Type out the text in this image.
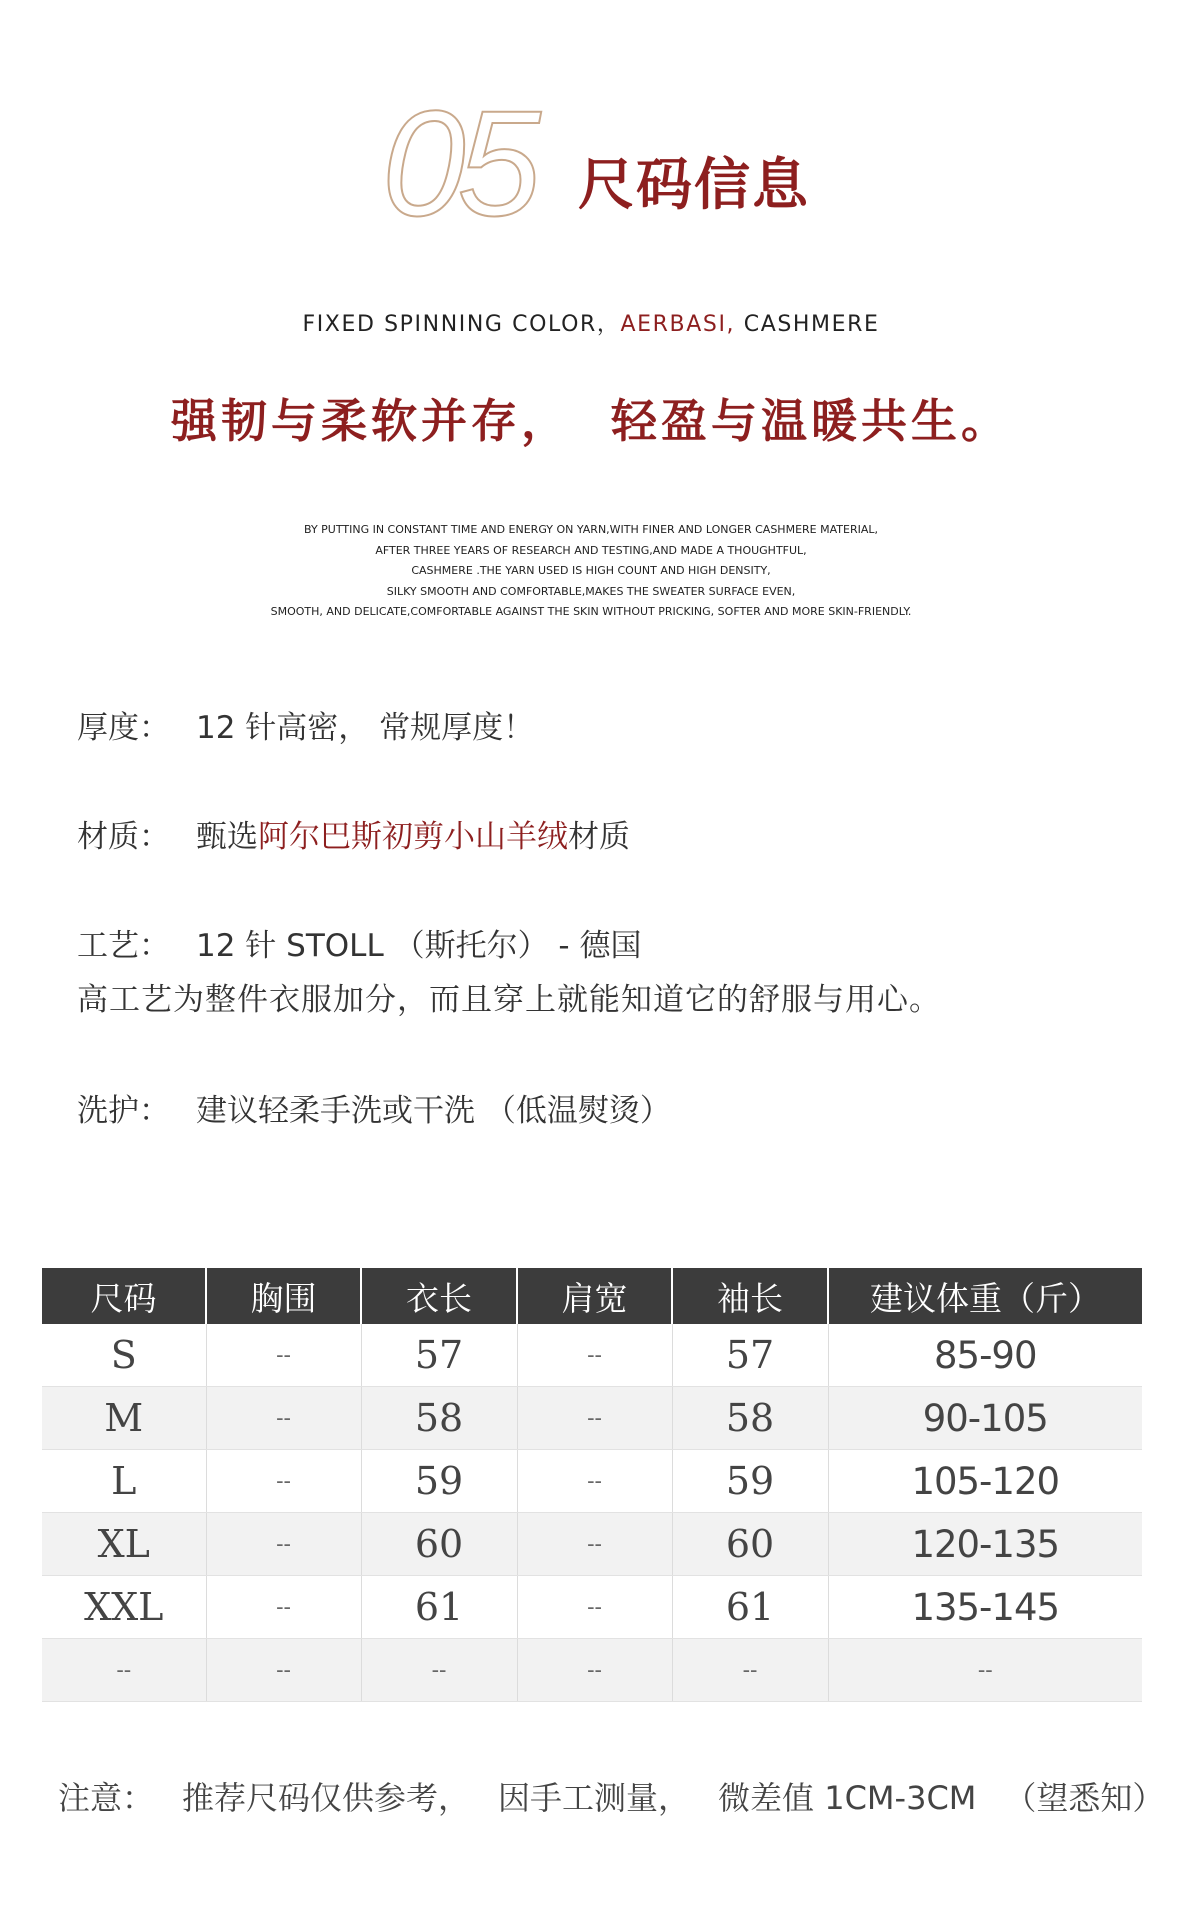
05 尺码信息
FIXED SPINNING COLOR，AERBASI, CASHMERE
强韧与柔软并存， 轻盈与温暖共生。
BY PUTTING IN CONSTANT TIME AND ENERGY ON YARN,WITH FINER AND LONGER CASHMERE MATERIAL,
AFTER THREE YEARS OF RESEARCH AND TESTING,AND MADE A THOUGHTFUL,
CASHMERE .THE YARN USED IS HIGH COUNT AND HIGH DENSITY,
SILKY SMOOTH AND COMFORTABLE,MAKES THE SWEATER SURFACE EVEN,
SMOOTH, AND DELICATE,COMFORTABLE AGAINST THE SKIN WITHOUT PRICKING, SOFTER AND MORE SKIN-FRIENDLY.
厚度： 12 针高密， 常规厚度！
材质： 甄选阿尔巴斯初剪小山羊绒材质
工艺： 12 针 STOLL （斯托尔） - 德国
高工艺为整件衣服加分，而且穿上就能知道它的舒服与用心。
洗护： 建议轻柔手洗或干洗 （低温熨烫）
尺码	胸围	衣长	肩宽	袖长	建议体重（斤）
S	--	57	--	57	85-90
M	--	58	--	58	90-105
L	--	59	--	59	105-120
XL	--	60	--	60	120-135
XXL	--	61	--	61	135-145
--	--	--	--	--	--
注意： 推荐尺码仅供参考， 因手工测量， 微差值 1CM-3CM （望悉知）
